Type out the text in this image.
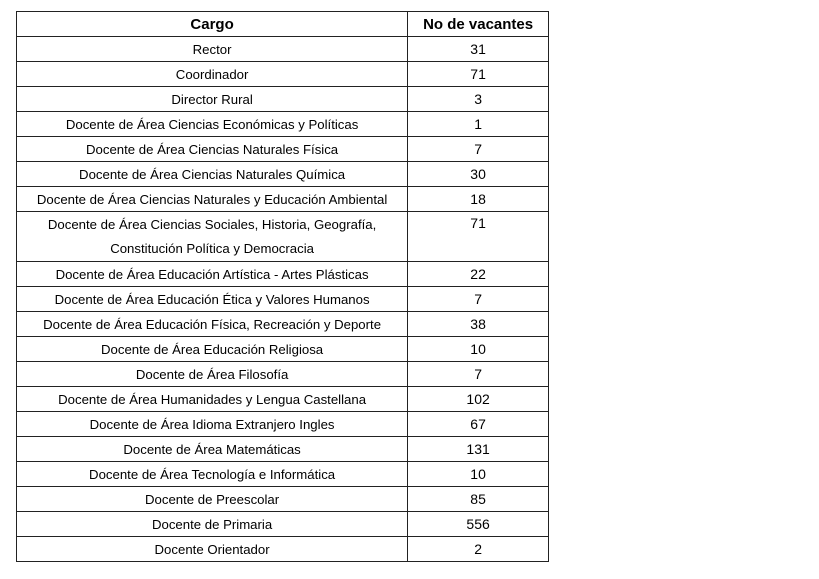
Cargo	No de vacantes
Rector	31
Coordinador	71
Director Rural	3
Docente de Área Ciencias Económicas y Políticas	1
Docente de Área Ciencias Naturales Física	7
Docente de Área Ciencias Naturales Química	30
Docente de Área Ciencias Naturales y Educación Ambiental	18
Docente de Área Ciencias Sociales, Historia, Geografía,
Constitución Política y Democracia	71
Docente de Área Educación Artística - Artes Plásticas	22
Docente de Área Educación Ética y Valores Humanos	7
Docente de Área Educación Física, Recreación y Deporte	38
Docente de Área Educación Religiosa	10
Docente de Área Filosofía	7
Docente de Área Humanidades y Lengua Castellana	102
Docente de Área Idioma Extranjero Ingles	67
Docente de Área Matemáticas	131
Docente de Área Tecnología e Informática	10
Docente de Preescolar	85
Docente de Primaria	556
Docente Orientador	2
